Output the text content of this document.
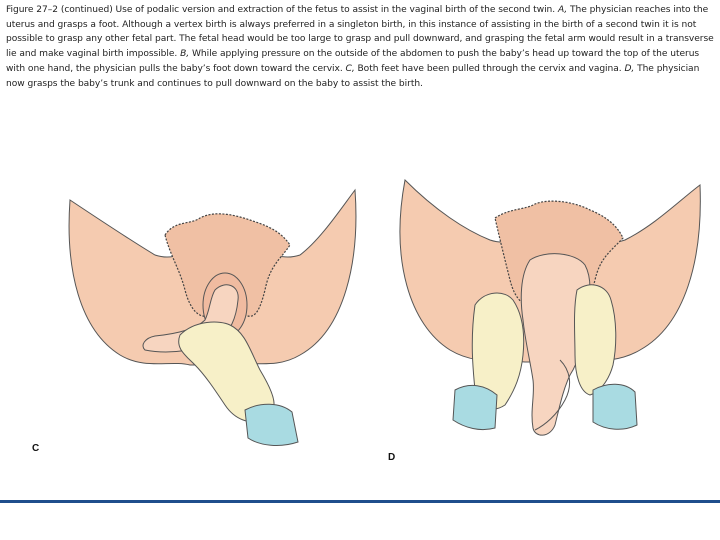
Figure 27–2 (continued) Use of podalic version and extraction of the fetus to assist in the vaginal birth of the second twin. A, The physician reaches into the uterus and grasps a foot. Although a vertex birth is always preferred in a singleton birth, in this instance of assisting in the birth of a second twin it is not possible to grasp any other fetal part. The fetal head would be too large to grasp and pull downward, and grasping the fetal arm would result in a transverse lie and make vaginal birth impossible. B, While applying pressure on the outside of the abdomen to push the baby’s head up toward the top of the uterus with one hand, the physician pulls the baby’s foot down toward the cervix. C, Both feet have been pulled through the cervix and vagina. D, The physician now grasps the baby’s trunk and continues to pull downward on the baby to assist the birth.
C
D
